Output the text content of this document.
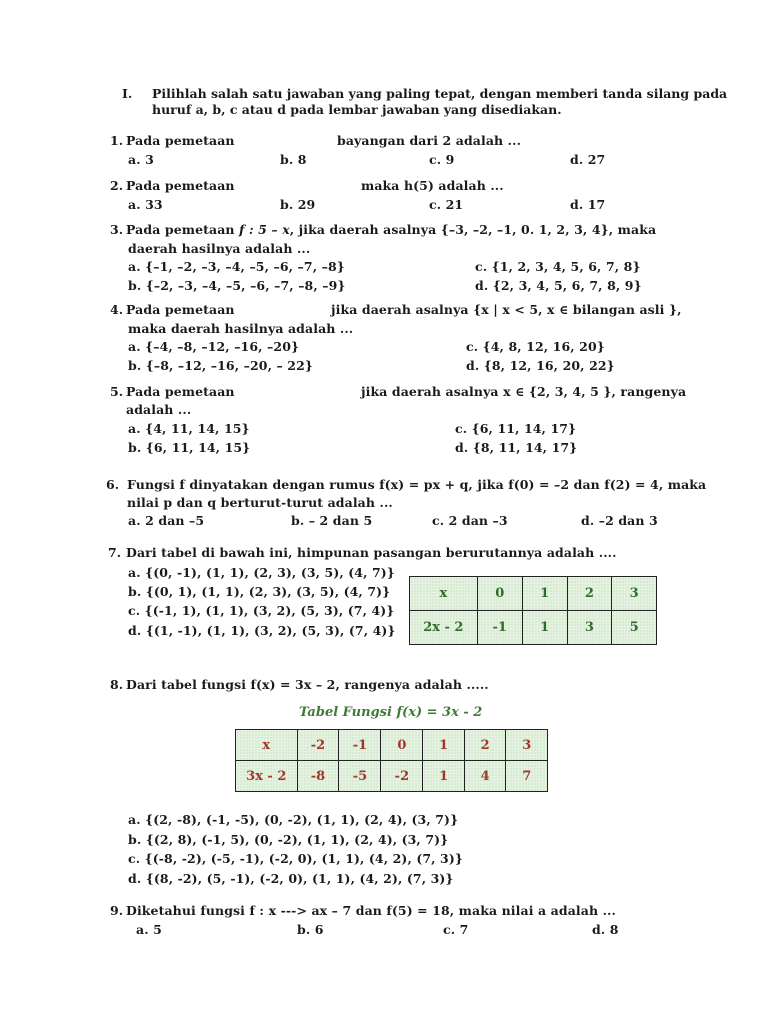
I. Pilihlah salah satu jawaban yang paling tepat, dengan memberi tanda silang pada
huruf a, b, c atau d pada lembar jawaban yang disediakan.
1. Pada pemetaan	bayangan dari 2 adalah ...
a. 3	b. 8	c. 9	d. 27
2. Pada pemetaan	maka h(5) adalah ...
a. 33	b. 29	c. 21	d. 17
3. Pada pemetaan f : 5 – x, jika daerah asalnya {–3, –2, –1, 0. 1, 2, 3, 4}, maka
daerah hasilnya adalah ...
a. {–1, –2, –3, –4, –5, –6, –7, –8}
b. {–2, –3, –4, –5, –6, –7, –8, –9}
c. {1, 2, 3, 4, 5, 6, 7, 8}
d. {2, 3, 4, 5, 6, 7, 8, 9}
4. Pada pemetaan	jika daerah asalnya {x | x < 5, x ∈ bilangan asli },
maka daerah hasilnya adalah ...
a. {–4, –8, –12, –16, –20}
b. {–8, –12, –16, –20, – 22}
c. {4, 8, 12, 16, 20}
d. {8, 12, 16, 20, 22}
5. Pada pemetaan	jika daerah asalnya x ∈ {2, 3, 4, 5 }, rangenya
adalah ...
a. {4, 11, 14, 15}
b. {6, 11, 14, 15}
c. {6, 11, 14, 17}
d. {8, 11, 14, 17}
6. Fungsi f dinyatakan dengan rumus f(x) = px + q, jika f(0) = –2 dan f(2) = 4, maka
nilai p dan q berturut-turut adalah ...
a. 2 dan –5	b. – 2 dan 5	c. 2 dan –3	d. –2 dan 3
7. Dari tabel di bawah ini, himpunan pasangan berurutannya adalah ....
a. {(0, -1), (1, 1), (2, 3), (3, 5), (4, 7)}
b. {(0, 1), (1, 1), (2, 3), (3, 5), (4, 7)}
c. {(-1, 1), (1, 1), (3, 2), (5, 3), (7, 4)}
d. {(1, -1), (1, 1), (3, 2), (5, 3), (7, 4)}
x	0	1	2	3
2x - 2	-1	1	3	5
8. Dari tabel fungsi f(x) = 3x – 2, rangenya adalah .....
Tabel Fungsi f(x) = 3x - 2
x	-2	-1	0	1	2	3
3x - 2	-8	-5	-2	1	4	7
a. {(2, -8), (-1, -5), (0, -2), (1, 1), (2, 4), (3, 7)}
b. {(2, 8), (-1, 5), (0, -2), (1, 1), (2, 4), (3, 7)}
c. {(-8, -2), (-5, -1), (-2, 0), (1, 1), (4, 2), (7, 3)}
d. {(8, -2), (5, -1), (-2, 0), (1, 1), (4, 2), (7, 3)}
9. Diketahui fungsi f : x ---> ax – 7 dan f(5) = 18, maka nilai a adalah ...
a. 5	b. 6	c. 7	d. 8
